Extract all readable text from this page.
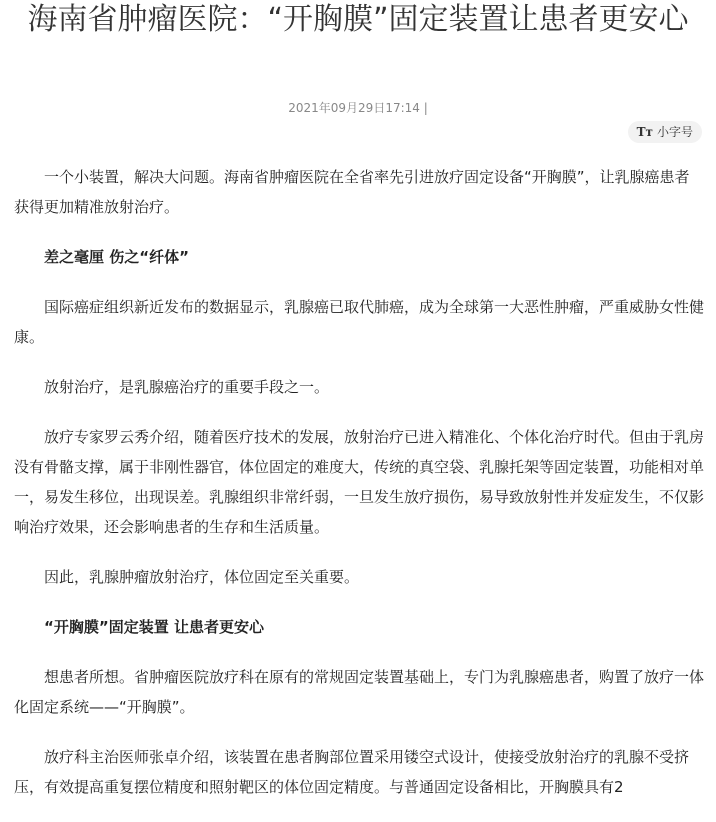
海南省肿瘤医院：“开胸膜”固定装置让患者更安心
2021年09月29日17:14 |
Tт 小字号

一个小装置，解决大问题。海南省肿瘤医院在全省率先引进放疗固定设备“开胸膜”，让乳腺癌患者获得更加精准放射治疗。

差之毫厘 伤之“纤体”

国际癌症组织新近发布的数据显示，乳腺癌已取代肺癌，成为全球第一大恶性肿瘤，严重威胁女性健康。

放射治疗，是乳腺癌治疗的重要手段之一。

放疗专家罗云秀介绍，随着医疗技术的发展，放射治疗已进入精准化、个体化治疗时代。但由于乳房没有骨骼支撑，属于非刚性器官，体位固定的难度大，传统的真空袋、乳腺托架等固定装置，功能相对单一，易发生移位，出现误差。乳腺组织非常纤弱，一旦发生放疗损伤，易导致放射性并发症发生，不仅影响治疗效果，还会影响患者的生存和生活质量。

因此，乳腺肿瘤放射治疗，体位固定至关重要。

“开胸膜”固定装置 让患者更安心

想患者所想。省肿瘤医院放疗科在原有的常规固定装置基础上，专门为乳腺癌患者，购置了放疗一体化固定系统——“开胸膜”。

放疗科主治医师张卓介绍，该装置在患者胸部位置采用镂空式设计，使接受放射治疗的乳腺不受挤压，有效提高重复摆位精度和照射靶区的体位固定精度。与普通固定设备相比，开胸膜具有2
